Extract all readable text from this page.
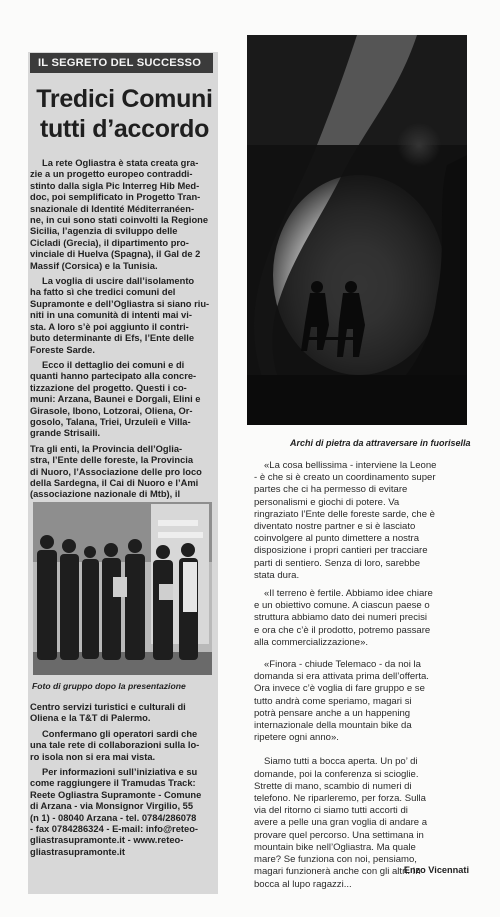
IL SEGRETO DEL SUCCESSO
Tredici Comuni
tutti d’accordo
La rete Ogliastra è stata creata gra-
zie a un progetto europeo contraddi-
stinto dalla sigla Pic Interreg Hib Med-
doc, poi semplificato in Progetto Tran-
snazionale di Identité Méditerranéen-
ne, in cui sono stati coinvolti la Regione
Sicilia, l’agenzia di sviluppo delle
Cicladi (Grecia), il dipartimento pro-
vinciale di Huelva (Spagna), il Gal de 2
Massif (Corsica) e la Tunisia.
La voglia di uscire dall’isolamento
ha fatto sì che tredici comuni del
Supramonte e dell’Ogliastra si siano riu-
niti in una comunità di intenti mai vi-
sta. A loro s’è poi aggiunto il contri-
buto determinante di Efs, l’Ente delle
Foreste Sarde.
Ecco il dettaglio dei comuni e di
quanti hanno partecipato alla concre-
tizzazione del progetto. Questi i co-
muni: Arzana, Baunei e Dorgali, Elini e
Girasole, Ibono, Lotzorai, Oliena, Or-
gosolo, Talana, Triei, Urzuleiì e Villa-
grande Strisaili.
Tra gli enti, la Provincia dell’Oglia-
stra, l’Ente delle foreste, la Provincia
di Nuoro, l’Associazione delle pro loco
della Sardegna, il Cai di Nuoro e l’Ami
(associazione nazionale di Mtb), il
Foto di gruppo dopo la presentazione
Centro servizi turistici e culturali di
Oliena e la T&T di Palermo.
Confermano gli operatori sardi che
una tale rete di collaborazioni sulla lo-
ro isola non si era mai vista.
Per informazioni sull’iniziativa e su
come raggiungere il Tramudas Track:
Reete Ogliastra Supramonte - Comune
di Arzana - via Monsignor Virgilio, 55
(n 1) - 08040 Arzana - tel. 0784/286078
- fax 0784286324 - E-mail: info@reteo-
gliastrasupramonte.it - www.reteo-
gliastrasupramonte.it
Archi di pietra da attraversare in fuorisella
«La cosa bellissima - interviene la Leone
- è che si è creato un coordinamento super
partes che ci ha permesso di evitare
personalismi e giochi di potere. Va
ringraziato l’Ente delle foreste sarde, che è
diventato nostre partner e si è lasciato
coinvolgere al punto dimettere a nostra
disposizione i propri cantieri per tracciare
parti di sentiero. Senza di loro, sarebbe
stata dura.
«Il terreno è fertile. Abbiamo idee chiare
e un obiettivo comune. A ciascun paese o
struttura abbiamo dato dei numeri precisi
e ora che c’è il prodotto, potremo passare
alla commercializzazione».
«Finora - chiude Telemaco - da noi la
domanda si era attivata prima dell’offerta.
Ora invece c’è voglia di fare gruppo e se
tutto andrà come speriamo, magari si
potrà pensare anche a un happening
internazionale della mountain bike da
ripetere ogni anno».
Siamo tutti a bocca aperta. Un po’ di
domande, poi la conferenza si scioglie.
Strette di mano, scambio di numeri di
telefono. Ne riparleremo, per forza. Sulla
via del ritorno ci siamo tutti accorti di
avere a pelle una gran voglia di andare a
provare quel percorso. Una settimana in
mountain bike nell’Ogliastra. Ma quale
mare? Se funziona con noi, pensiamo,
magari funzionerà anche con gli altri. In
bocca al lupo ragazzi...
Enzo Vicennati
